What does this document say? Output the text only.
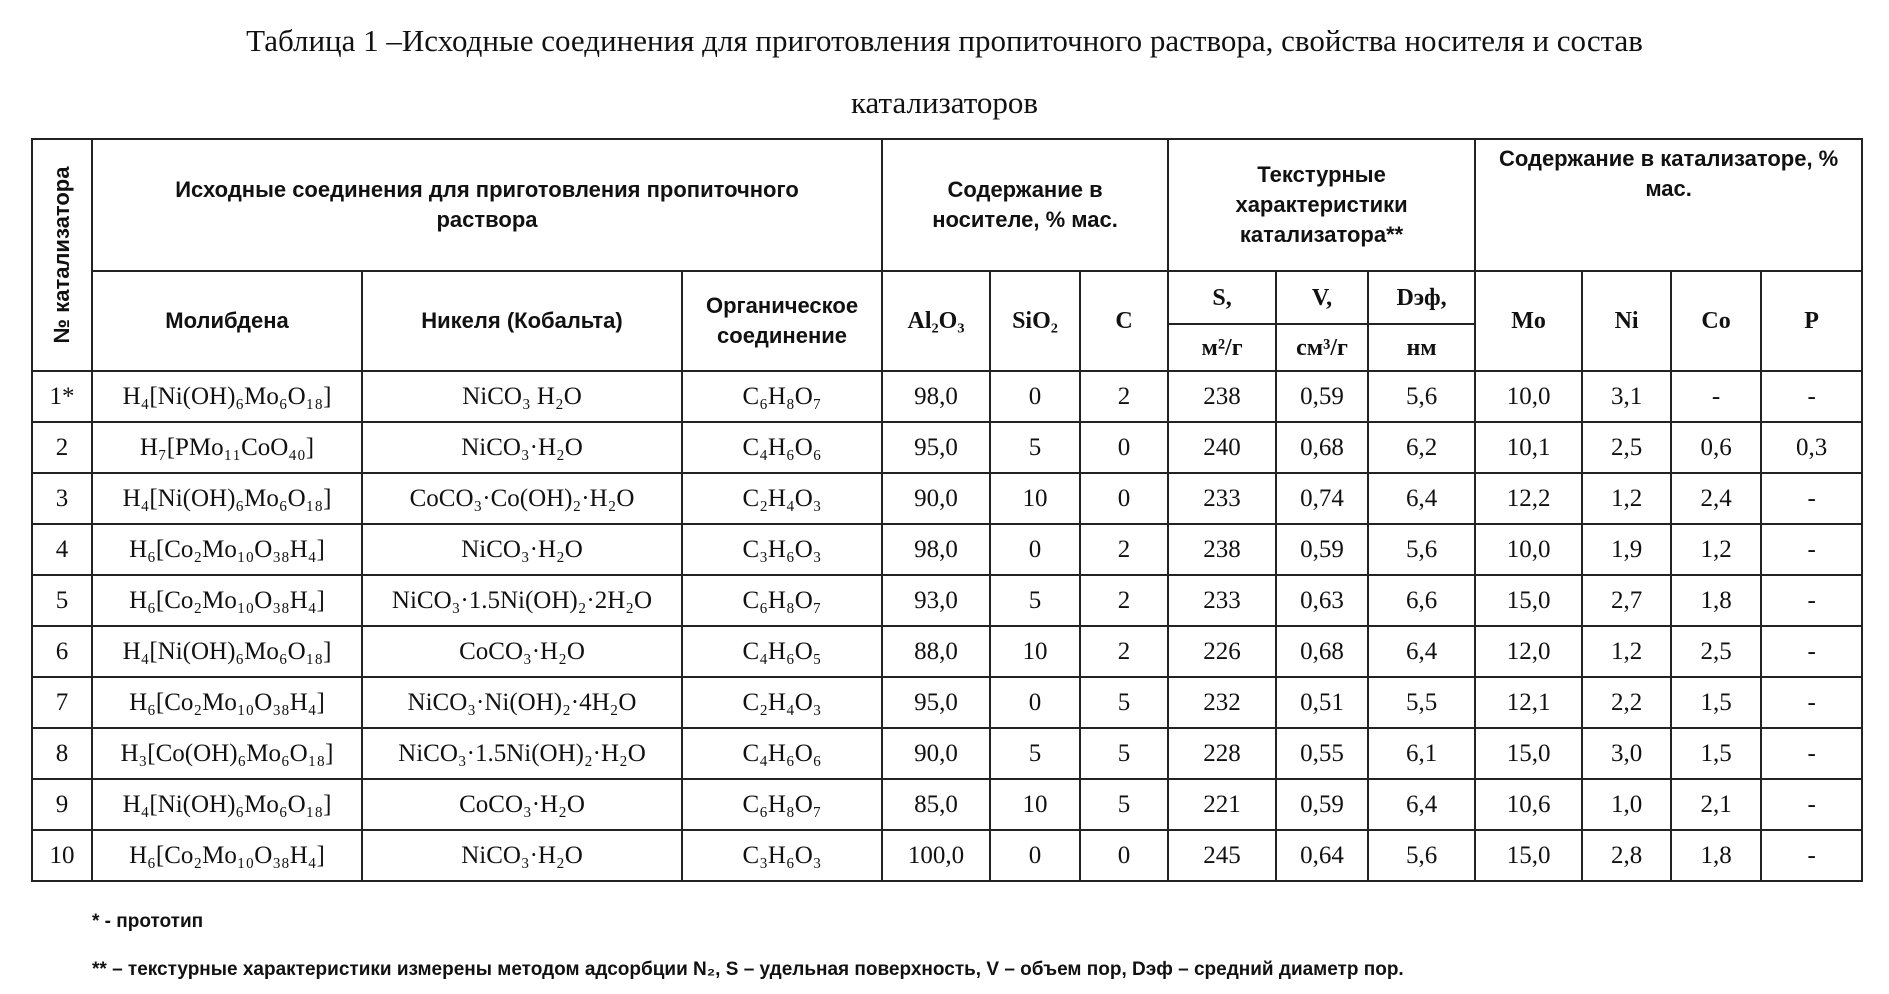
Таблица 1 –Исходные соединения для приготовления пропиточного раствора, свойства носителя и состав
катализаторов
№ катализатора	Исходные соединения для приготовления пропиточного раствора			Содержание в носителе, % мас.			Текстурные характеристики катализатора**			Содержание в катализаторе, % мас.			
	Молибдена	Никеля (Кобальта)	Органическое соединение	Al₂O₃	SiO₂	C	S,	V,	Dэф,	Mo	Ni	Co	P
							м²/г	см³/г	нм				
1*	H₄[Ni(OH)₆Mo₆O₁₈]	NiCO₃ H₂O	C₆H₈O₇	98,0	0	2	238	0,59	5,6	10,0	3,1	-	-
2	H₇[PMo₁₁CoO₄₀]	NiCO₃·H₂O	C₄H₆O₆	95,0	5	0	240	0,68	6,2	10,1	2,5	0,6	0,3
3	H₄[Ni(OH)₆Mo₆O₁₈]	CoCO₃·Co(OH)₂·H₂O	C₂H₄O₃	90,0	10	0	233	0,74	6,4	12,2	1,2	2,4	-
4	H₆[Co₂Mo₁₀O₃₈H₄]	NiCO₃·H₂O	C₃H₆O₃	98,0	0	2	238	0,59	5,6	10,0	1,9	1,2	-
5	H₆[Co₂Mo₁₀O₃₈H₄]	NiCO₃·1.5Ni(OH)₂·2H₂O	C₆H₈O₇	93,0	5	2	233	0,63	6,6	15,0	2,7	1,8	-
6	H₄[Ni(OH)₆Mo₆O₁₈]	CoCO₃·H₂O	C₄H₆O₅	88,0	10	2	226	0,68	6,4	12,0	1,2	2,5	-
7	H₆[Co₂Mo₁₀O₃₈H₄]	NiCO₃·Ni(OH)₂·4H₂O	C₂H₄O₃	95,0	0	5	232	0,51	5,5	12,1	2,2	1,5	-
8	H₃[Co(OH)₆Mo₆O₁₈]	NiCO₃·1.5Ni(OH)₂·H₂O	C₄H₆O₆	90,0	5	5	228	0,55	6,1	15,0	3,0	1,5	-
9	H₄[Ni(OH)₆Mo₆O₁₈]	CoCO₃·H₂O	C₆H₈O₇	85,0	10	5	221	0,59	6,4	10,6	1,0	2,1	-
10	H₆[Co₂Mo₁₀O₃₈H₄]	NiCO₃·H₂O	C₃H₆O₃	100,0	0	0	245	0,64	5,6	15,0	2,8	1,8	-
* - прототип
** – текстурные характеристики измерены методом адсорбции N₂, S – удельная поверхность, V – объем пор, Dэф – средний диаметр пор.
